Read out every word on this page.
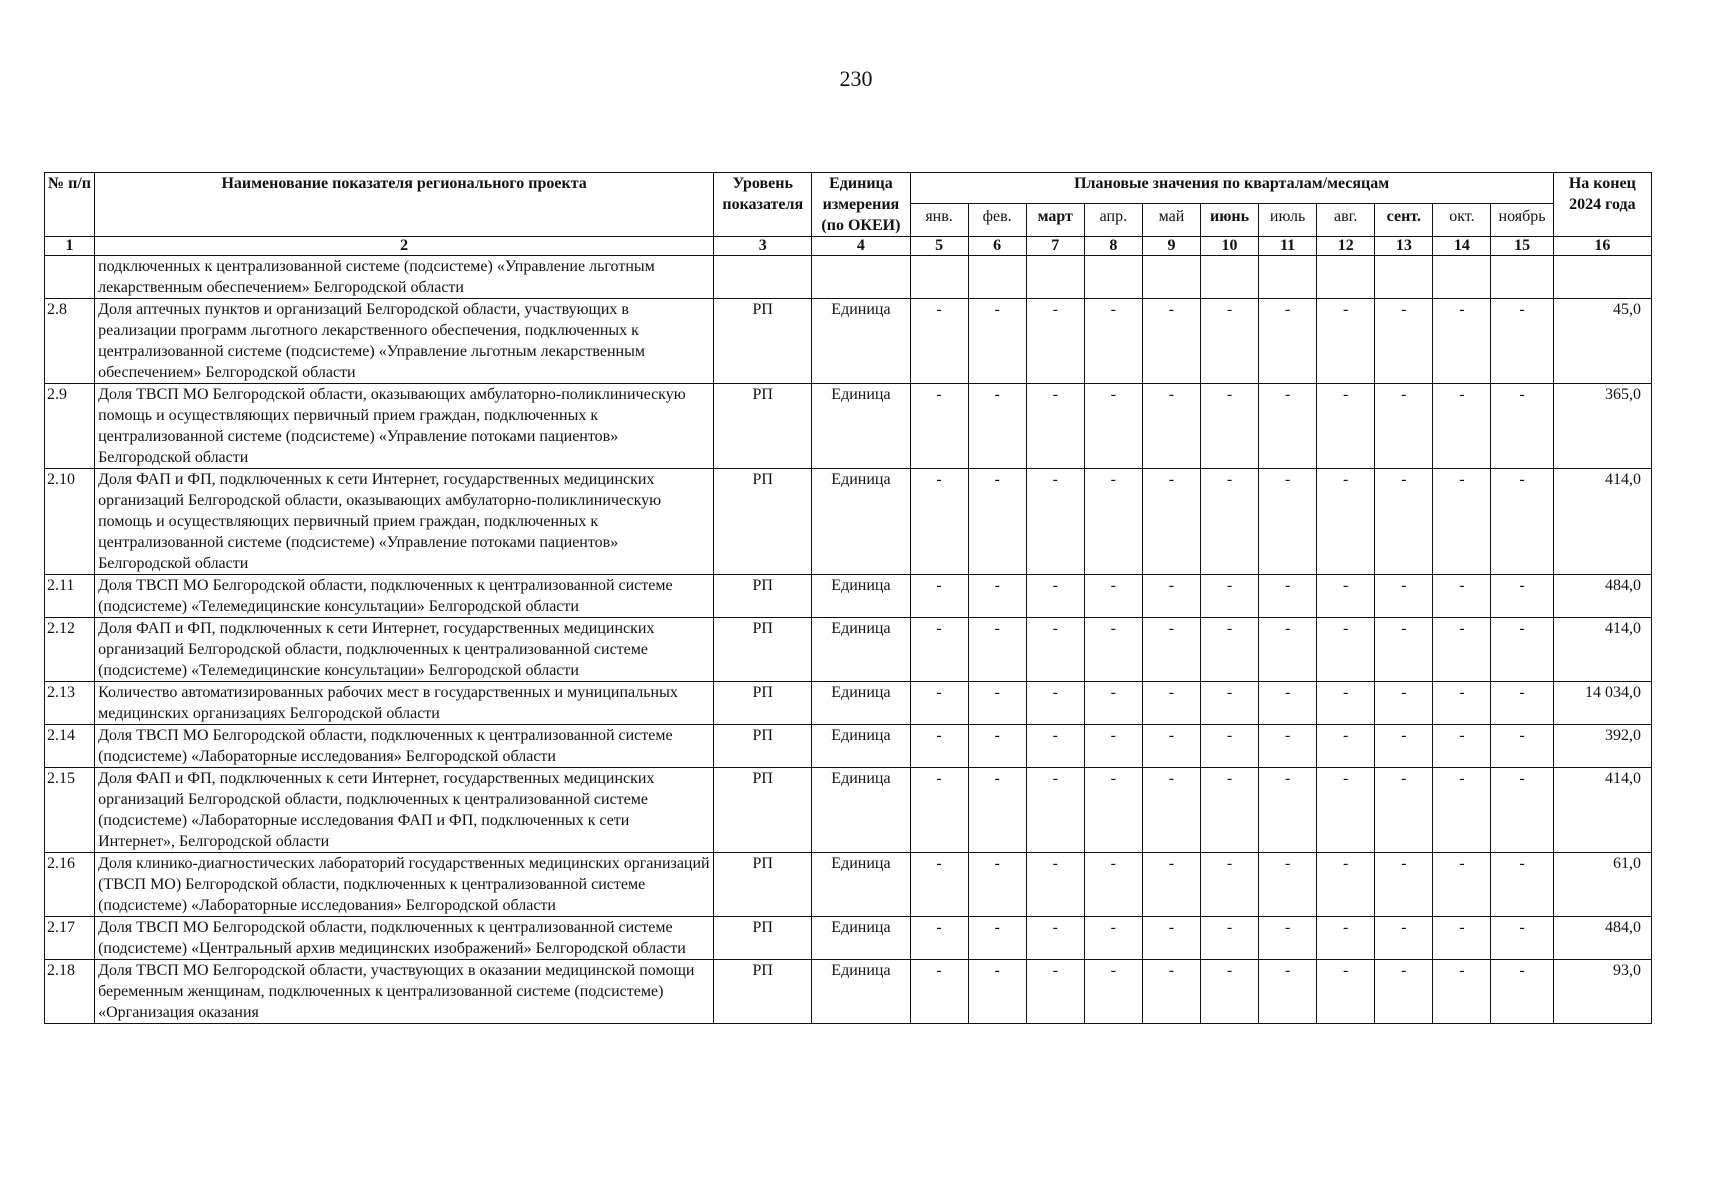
230
№ п/п	Наименование показателя регионального проекта	Уровень показателя	Единица измерения (по ОКЕИ)	Плановые значения по кварталам/месяцам											На конец 2024 года
				янв.	фев.	март	апр.	май	июнь	июль	авг.	сент.	окт.	ноябрь	
1	2	3	4	5	6	7	8	9	10	11	12	13	14	15	16
	подключенных к централизованной системе (подсистеме) «Управление льготным лекарственным обеспечением» Белгородской области														
2.8	Доля аптечных пунктов и организаций Белгородской области, участвующих в реализации программ льготного лекарственного обеспечения, подключенных к централизованной системе (подсистеме) «Управление льготным лекарственным обеспечением» Белгородской области	РП	Единица	-	-	-	-	-	-	-	-	-	-	-	45,0
2.9	Доля ТВСП МО Белгородской области, оказывающих амбулаторно-поликлиническую помощь и осуществляющих первичный прием граждан, подключенных к централизованной системе (подсистеме) «Управление потоками пациентов» Белгородской области	РП	Единица	-	-	-	-	-	-	-	-	-	-	-	365,0
2.10	Доля ФАП и ФП, подключенных к сети Интернет, государственных медицинских организаций Белгородской области, оказывающих амбулаторно-поликлиническую помощь и осуществляющих первичный прием граждан, подключенных к централизованной системе (подсистеме) «Управление потоками пациентов» Белгородской области	РП	Единица	-	-	-	-	-	-	-	-	-	-	-	414,0
2.11	Доля ТВСП МО Белгородской области, подключенных к централизованной системе (подсистеме) «Телемедицинские консультации» Белгородской области	РП	Единица	-	-	-	-	-	-	-	-	-	-	-	484,0
2.12	Доля ФАП и ФП, подключенных к сети Интернет, государственных медицинских организаций Белгородской области, подключенных к централизованной системе (подсистеме) «Телемедицинские консультации» Белгородской области	РП	Единица	-	-	-	-	-	-	-	-	-	-	-	414,0
2.13	Количество автоматизированных рабочих мест в государственных и муниципальных медицинских организациях Белгородской области	РП	Единица	-	-	-	-	-	-	-	-	-	-	-	14 034,0
2.14	Доля ТВСП МО Белгородской области, подключенных к централизованной системе (подсистеме) «Лабораторные исследования» Белгородской области	РП	Единица	-	-	-	-	-	-	-	-	-	-	-	392,0
2.15	Доля ФАП и ФП, подключенных к сети Интернет, государственных медицинских организаций Белгородской области, подключенных к централизованной системе (подсистеме) «Лабораторные исследования ФАП и ФП, подключенных к сети Интернет», Белгородской области	РП	Единица	-	-	-	-	-	-	-	-	-	-	-	414,0
2.16	Доля клинико-диагностических лабораторий государственных медицинских организаций (ТВСП МО) Белгородской области, подключенных к централизованной системе (подсистеме) «Лабораторные исследования» Белгородской области	РП	Единица	-	-	-	-	-	-	-	-	-	-	-	61,0
2.17	Доля ТВСП МО Белгородской области, подключенных к централизованной системе (подсистеме) «Центральный архив медицинских изображений» Белгородской области	РП	Единица	-	-	-	-	-	-	-	-	-	-	-	484,0
2.18	Доля ТВСП МО Белгородской области, участвующих в оказании медицинской помощи беременным женщинам, подключенных к централизованной системе (подсистеме) «Организация оказания	РП	Единица	-	-	-	-	-	-	-	-	-	-	-	93,0
